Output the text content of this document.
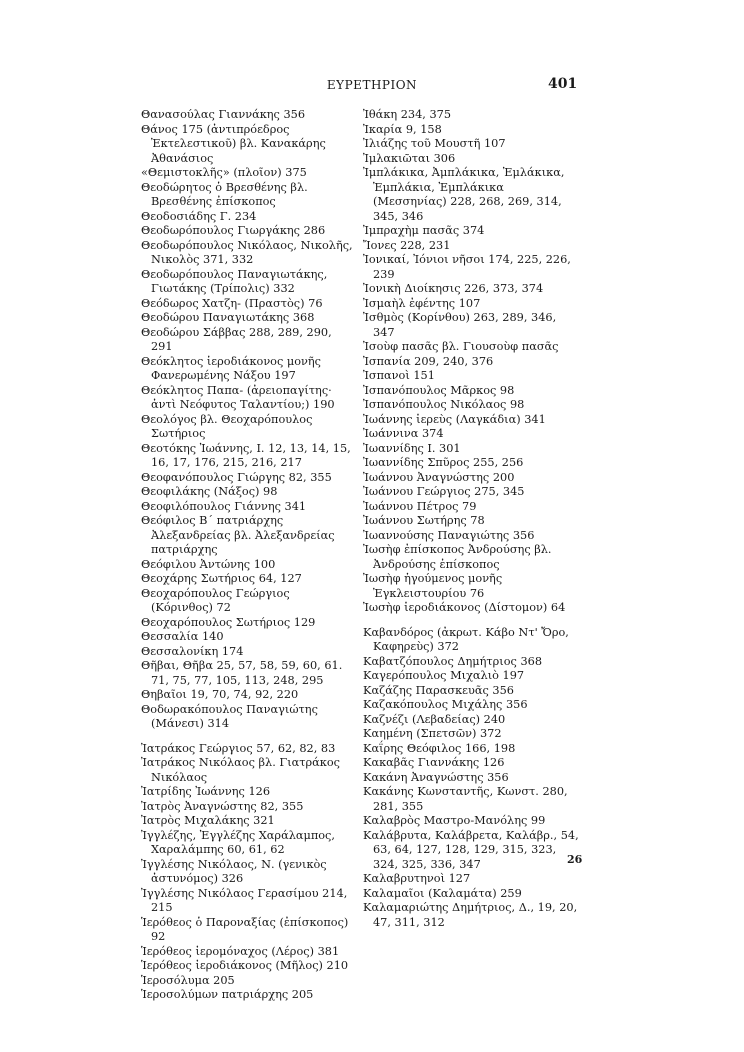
ΕΥΡΕΤΗΡΙΟΝ	401
Θανασούλας Γιαννάκης 356
Θάνος 175 (ἀντιπρόεδρος Ἐκτελεστικοῦ) βλ. Κανακάρης Ἀθανάσιος
«Θεμιστοκλῆς» (πλοῖον) 375
Θεοδώρητος ὁ Βρεσθένης βλ. Βρεσθένης ἐπίσκοπος
Θεοδοσιάδης Γ. 234
Θεοδωρόπουλος Γιωργάκης 286
Θεοδωρόπουλος Νικόλαος, Νικολῆς, Νικολὸς 371, 332
Θεοδωρόπουλος Παναγιωτάκης, Γιωτάκης (Τρίπολις) 332
Θεόδωρος Χατζη- (Πραστὸς) 76
Θεοδώρου Παναγιωτάκης 368
Θεοδώρου Σάββας 288, 289, 290, 291
Θεόκλητος ἱεροδιάκονος μονῆς Φανερωμένης Νάξου 197
Θεόκλητος Παπα- (ἀρειοπαγίτης· ἀντὶ Νεόφυτος Ταλαντίου;) 190
Θεολόγος βλ. Θεοχαρόπουλος Σωτήριος
Θεοτόκης Ἰωάννης, Ι. 12, 13, 14, 15, 16, 17, 176, 215, 216, 217
Θεοφανόπουλος Γιώργης 82, 355
Θεοφιλάκης (Νάξος) 98
Θεοφιλόπουλος Γιάννης 341
Θεόφιλος Β´ πατριάρχης Ἀλεξανδρείας βλ. Ἀλεξανδρείας πατριάρχης
Θεόφιλου Ἀντώνης 100
Θεοχάρης Σωτήριος 64, 127
Θεοχαρόπουλος Γεώργιος (Κόρινθος) 72
Θεοχαρόπουλος Σωτήριος 129
Θεσσαλία 140
Θεσσαλονίκη 174
Θῆβαι, Θῆβα 25, 57, 58, 59, 60, 61. 71, 75, 77, 105, 113, 248, 295
Θηβαῖοι 19, 70, 74, 92, 220
Θοδωρακόπουλος Παναγιώτης (Μάνεσι) 314
Ἰατράκος Γεώργιος 57, 62, 82, 83
Ἰατράκος Νικόλαος βλ. Γιατράκος Νικόλαος
Ἰατρίδης Ἰωάννης 126
Ἰατρὸς Ἀναγνώστης 82, 355
Ἰατρὸς Μιχαλάκης 321
Ἰγγλέζης, Ἐγγλέζης Χαράλαμπος, Χαραλάμπης 60, 61, 62
Ἰγγλέσης Νικόλαος, Ν. (γενικὸς ἀστυνόμος) 326
Ἰγγλέσης Νικόλαος Γερασίμου 214, 215
Ἱερόθεος ὁ Παροναξίας (ἐπίσκοπος) 92
Ἱερόθεος ἱερομόναχος (Λέρος) 381
Ἱερόθεος ἱεροδιάκονος (Μῆλος) 210
Ἱεροσόλυμα 205
Ἱεροσολύμων πατριάρχης 205
Ἰθάκη 234, 375
Ἰκαρία 9, 158
Ἰλιάζης τοῦ Μουστῆ 107
Ἰμλακιῶται 306
Ἰμπλάκικα, Ἀμπλάκικα, Ἐμλάκικα, Ἐμπλάκια, Ἐμπλάκικα (Μεσσηνίας) 228, 268, 269, 314, 345, 346
Ἰμπραχὴμ πασᾶς 374
Ἴονες 228, 231
Ἰονικαί, Ἰόνιοι νῆσοι 174, 225, 226, 239
Ἰονικὴ Διοίκησις 226, 373, 374
Ἰσμαὴλ ἐφέντης 107
Ἰσθμὸς (Κορίνθου) 263, 289, 346, 347
Ἰσοὺφ πασᾶς βλ. Γιουσοὺφ πασᾶς
Ἰσπανία 209, 240, 376
Ἰσπανοὶ 151
Ἰσπανόπουλος Μᾶρκος 98
Ἰσπανόπουλος Νικόλαος 98
Ἰωάννης ἱερεὺς (Λαγκάδια) 341
Ἰωάννινα 374
Ἰωαννίδης Ι. 301
Ἰωαννίδης Σπῦρος 255, 256
Ἰωάννου Ἀναγνώστης 200
Ἰωάννου Γεώργιος 275, 345
Ἰωάννου Πέτρος 79
Ἰωάννου Σωτήρης 78
Ἰωαννούσης Παναγιώτης 356
Ἰωσὴφ ἐπίσκοπος Ἀνδρούσης βλ. Ἀνδρούσης ἐπίσκοπος
Ἰωσὴφ ἡγούμενος μονῆς Ἐγκλειστουρίου 76
Ἰωσὴφ ἱεροδιάκονος (Δίστομον) 64
Καβανδόρος (ἀκρωτ. Κάβο Ντ' Ὄρο, Καφηρεὺς) 372
Καβατζόπουλος Δημήτριος 368
Καγερόπουλος Μιχαλιὸ 197
Καζάζης Παρασκευᾶς 356
Καζακόπουλος Μιχάλης 356
Καζνέζι (Λεβαδείας) 240
Καημένη (Σπετσῶν) 372
Καΐρης Θεόφιλος 166, 198
Κακαβᾶς Γιαννάκης 126
Κακάνη Ἀναγνώστης 356
Κακάνης Κωνσταντῆς, Κωνστ. 280, 281, 355
Καλαβρὸς Μαστρο-Μανόλης 99
Καλάβρυτα, Καλάβρετα, Καλάβρ., 54, 63, 64, 127, 128, 129, 315, 323, 324, 325, 336, 347
Καλαβρυτηνοὶ 127
Καλαμαῖοι (Καλαμάτα) 259
Καλαμαριώτης Δημήτριος, Δ., 19, 20, 47, 311, 312
26
